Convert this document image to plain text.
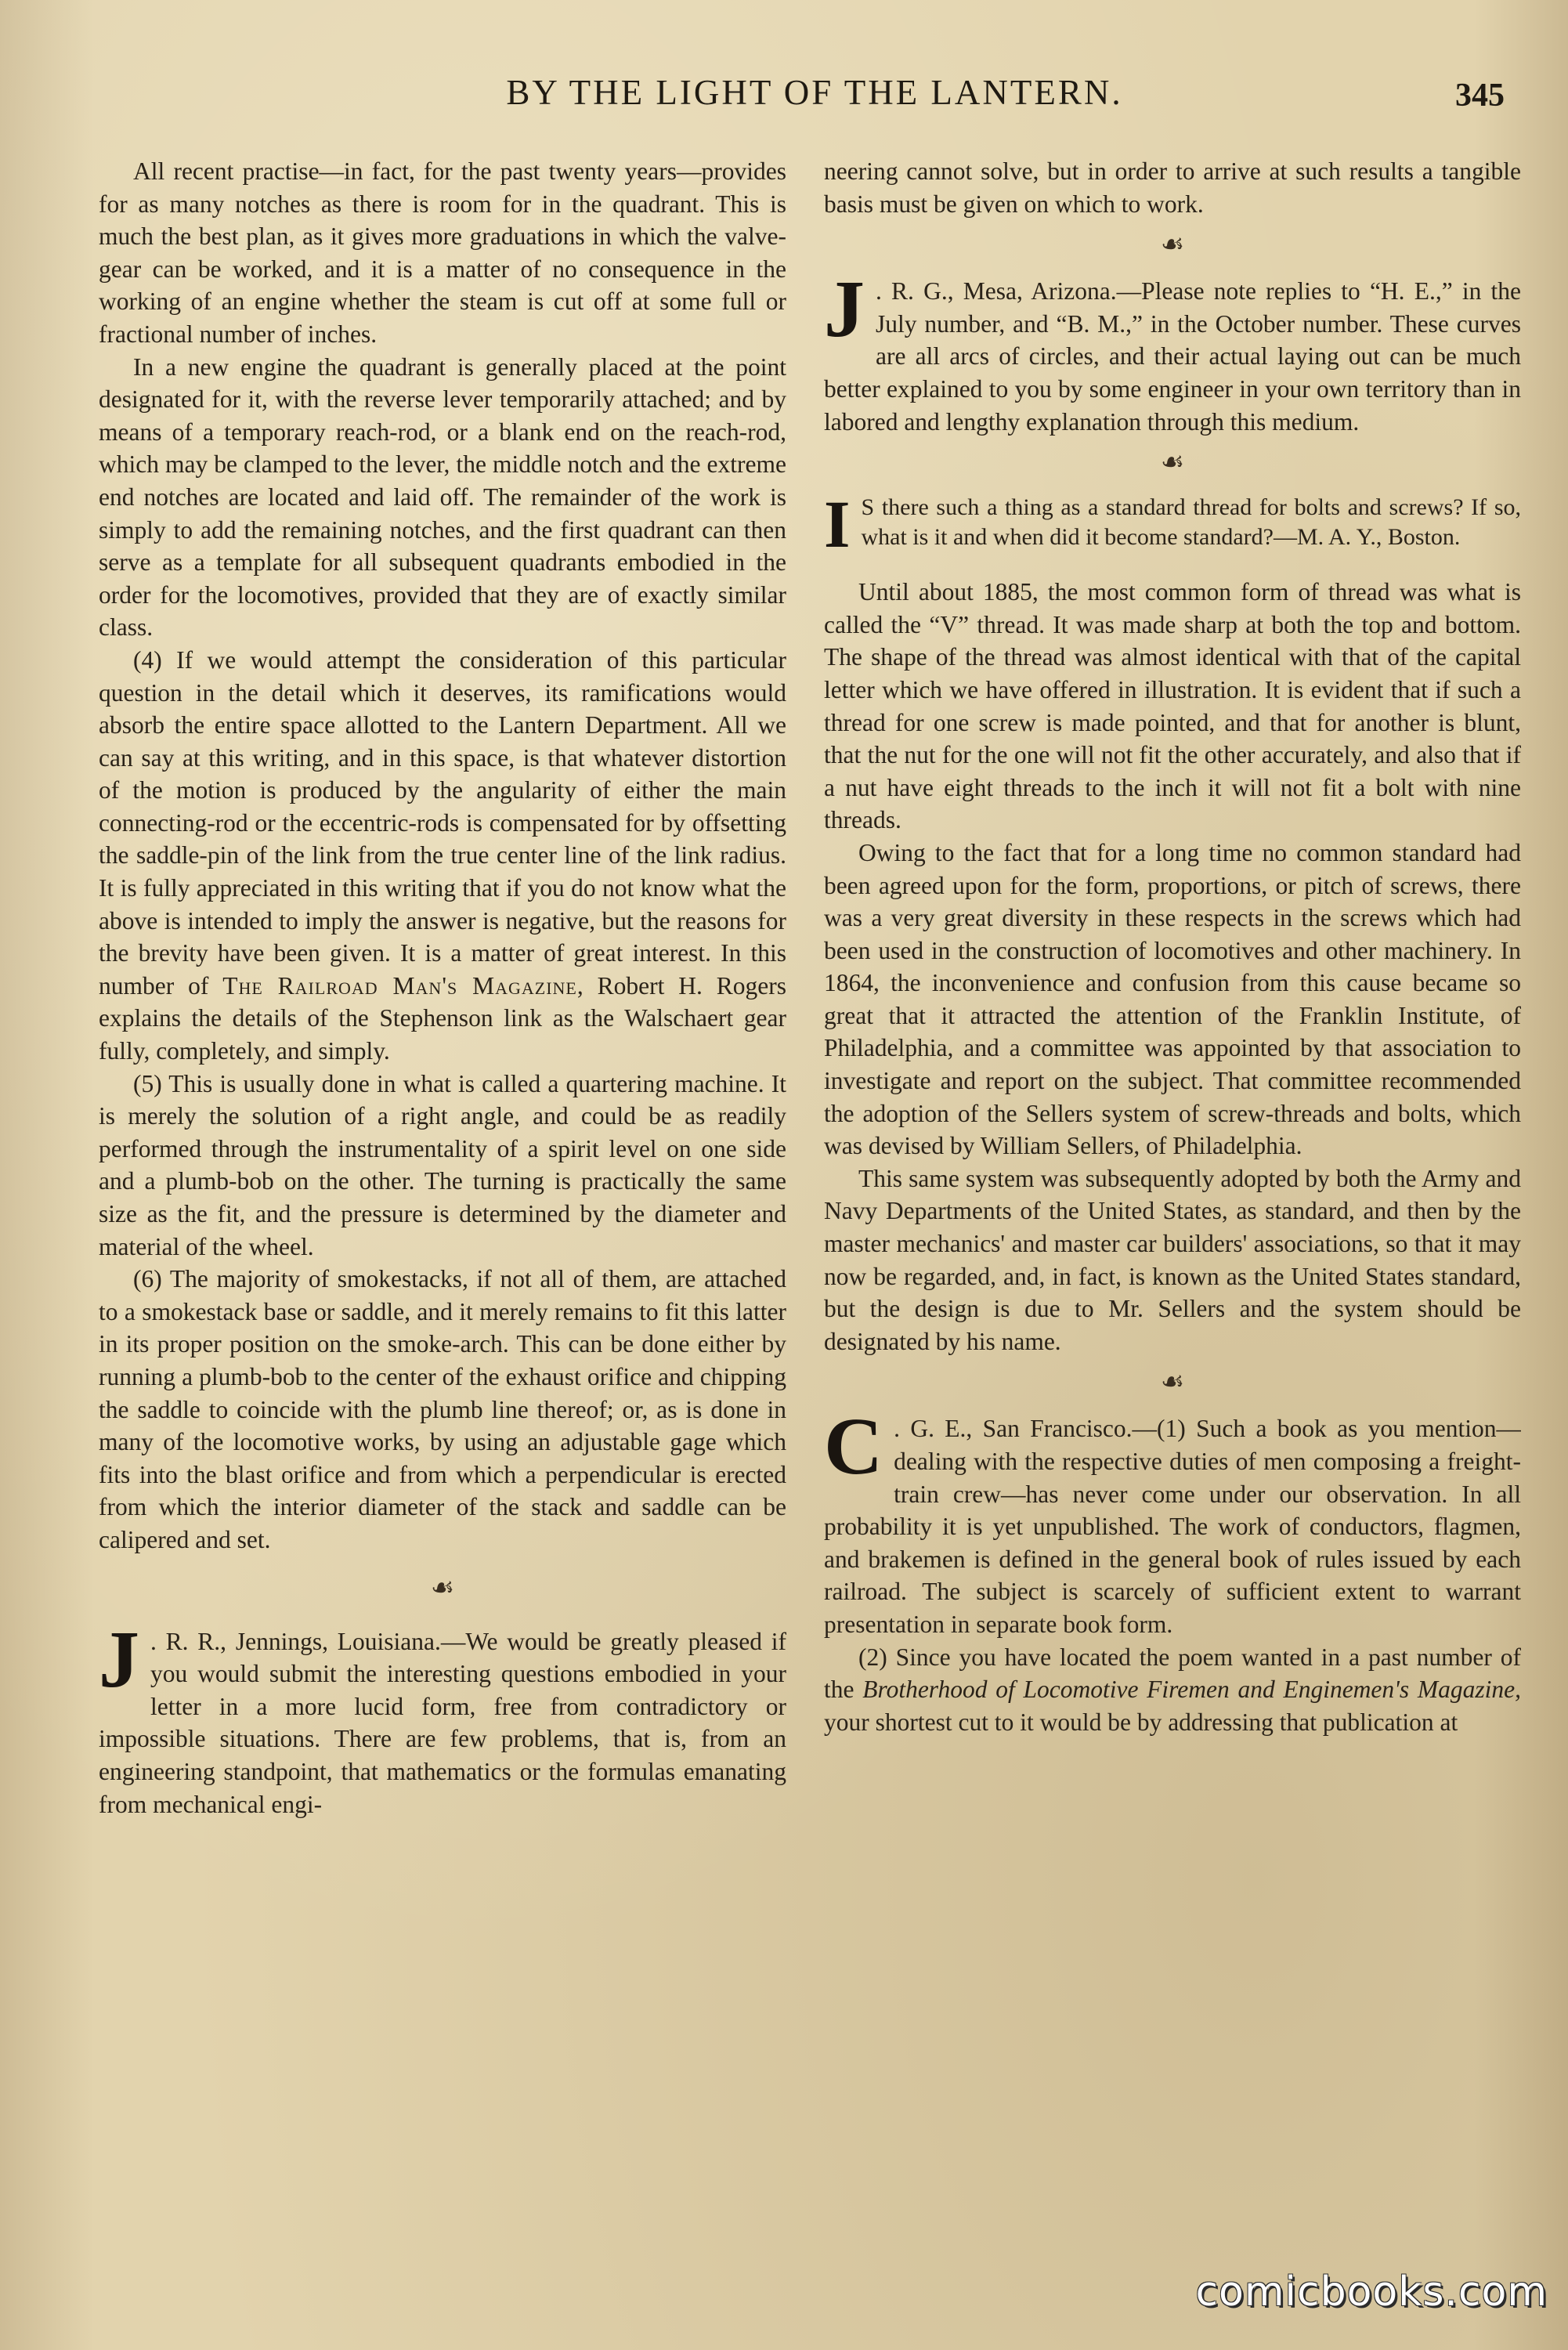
BY THE LIGHT OF THE LANTERN.	345

All recent practise—in fact, for the past twenty years—provides for as many notches as there is room for in the quadrant. This is much the best plan, as it gives more graduations in which the valve-gear can be worked, and it is a matter of no consequence in the working of an engine whether the steam is cut off at some full or fractional number of inches.

In a new engine the quadrant is generally placed at the point designated for it, with the reverse lever temporarily attached; and by means of a temporary reach-rod, or a blank end on the reach-rod, which may be clamped to the lever, the middle notch and the extreme end notches are located and laid off. The remainder of the work is simply to add the remaining notches, and the first quadrant can then serve as a template for all subsequent quadrants embodied in the order for the locomotives, provided that they are of exactly similar class.

(4) If we would attempt the consideration of this particular question in the detail which it deserves, its ramifications would absorb the entire space allotted to the Lantern Department. All we can say at this writing, and in this space, is that whatever distortion of the motion is produced by the angularity of either the main connecting-rod or the eccentric-rods is compensated for by offsetting the saddle-pin of the link from the true center line of the link radius. It is fully appreciated in this writing that if you do not know what the above is intended to imply the answer is negative, but the reasons for the brevity have been given. It is a matter of great interest. In this number of The Railroad Man's Magazine, Robert H. Rogers explains the details of the Stephenson link as the Walschaert gear fully, completely, and simply.

(5) This is usually done in what is called a quartering machine. It is merely the solution of a right angle, and could be as readily performed through the instrumentality of a spirit level on one side and a plumb-bob on the other. The turning is practically the same size as the fit, and the pressure is determined by the diameter and material of the wheel.

(6) The majority of smokestacks, if not all of them, are attached to a smokestack base or saddle, and it merely remains to fit this latter in its proper position on the smoke-arch. This can be done either by running a plumb-bob to the center of the exhaust orifice and chipping the saddle to coincide with the plumb line thereof; or, as is done in many of the locomotive works, by using an adjustable gage which fits into the blast orifice and from which a perpendicular is erected from which the interior diameter of the stack and saddle can be calipered and set.

☙
J . R. R., Jennings, Louisiana.—We would be greatly pleased if you would submit the interesting questions embodied in your letter in a more lucid form, free from contradictory or impossible situations. There are few problems, that is, from an engineering standpoint, that mathematics or the formulas emanating from mechanical engi-

neering cannot solve, but in order to arrive at such results a tangible basis must be given on which to work.

☙
J . R. G., Mesa, Arizona.—Please note replies to “H. E.,” in the July number, and “B. M.,” in the October number. These curves are all arcs of circles, and their actual laying out can be much better explained to you by some engineer in your own territory than in labored and lengthy explanation through this medium.

☙
I S there such a thing as a standard thread for bolts and screws? If so, what is it and when did it become standard?—M. A. Y., Boston.

Until about 1885, the most common form of thread was what is called the “V” thread. It was made sharp at both the top and bottom. The shape of the thread was almost identical with that of the capital letter which we have offered in illustration. It is evident that if such a thread for one screw is made pointed, and that for another is blunt, that the nut for the one will not fit the other accurately, and also that if a nut have eight threads to the inch it will not fit a bolt with nine threads.

Owing to the fact that for a long time no common standard had been agreed upon for the form, proportions, or pitch of screws, there was a very great diversity in these respects in the screws which had been used in the construction of locomotives and other machinery. In 1864, the inconvenience and confusion from this cause became so great that it attracted the attention of the Franklin Institute, of Philadelphia, and a committee was appointed by that association to investigate and report on the subject. That committee recommended the adoption of the Sellers system of screw-threads and bolts, which was devised by William Sellers, of Philadelphia.

This same system was subsequently adopted by both the Army and Navy Departments of the United States, as standard, and then by the master mechanics' and master car builders' associations, so that it may now be regarded, and, in fact, is known as the United States standard, but the design is due to Mr. Sellers and the system should be designated by his name.

☙
C . G. E., San Francisco.—(1) Such a book as you mention—dealing with the respective duties of men composing a freight-train crew—has never come under our observation. In all probability it is yet unpublished. The work of conductors, flagmen, and brakemen is defined in the general book of rules issued by each railroad. The subject is scarcely of sufficient extent to warrant presentation in separate book form.

(2) Since you have located the poem wanted in a past number of the Brotherhood of Locomotive Firemen and Enginemen's Magazine, your shortest cut to it would be by addressing that publication at

comicbooks.com
